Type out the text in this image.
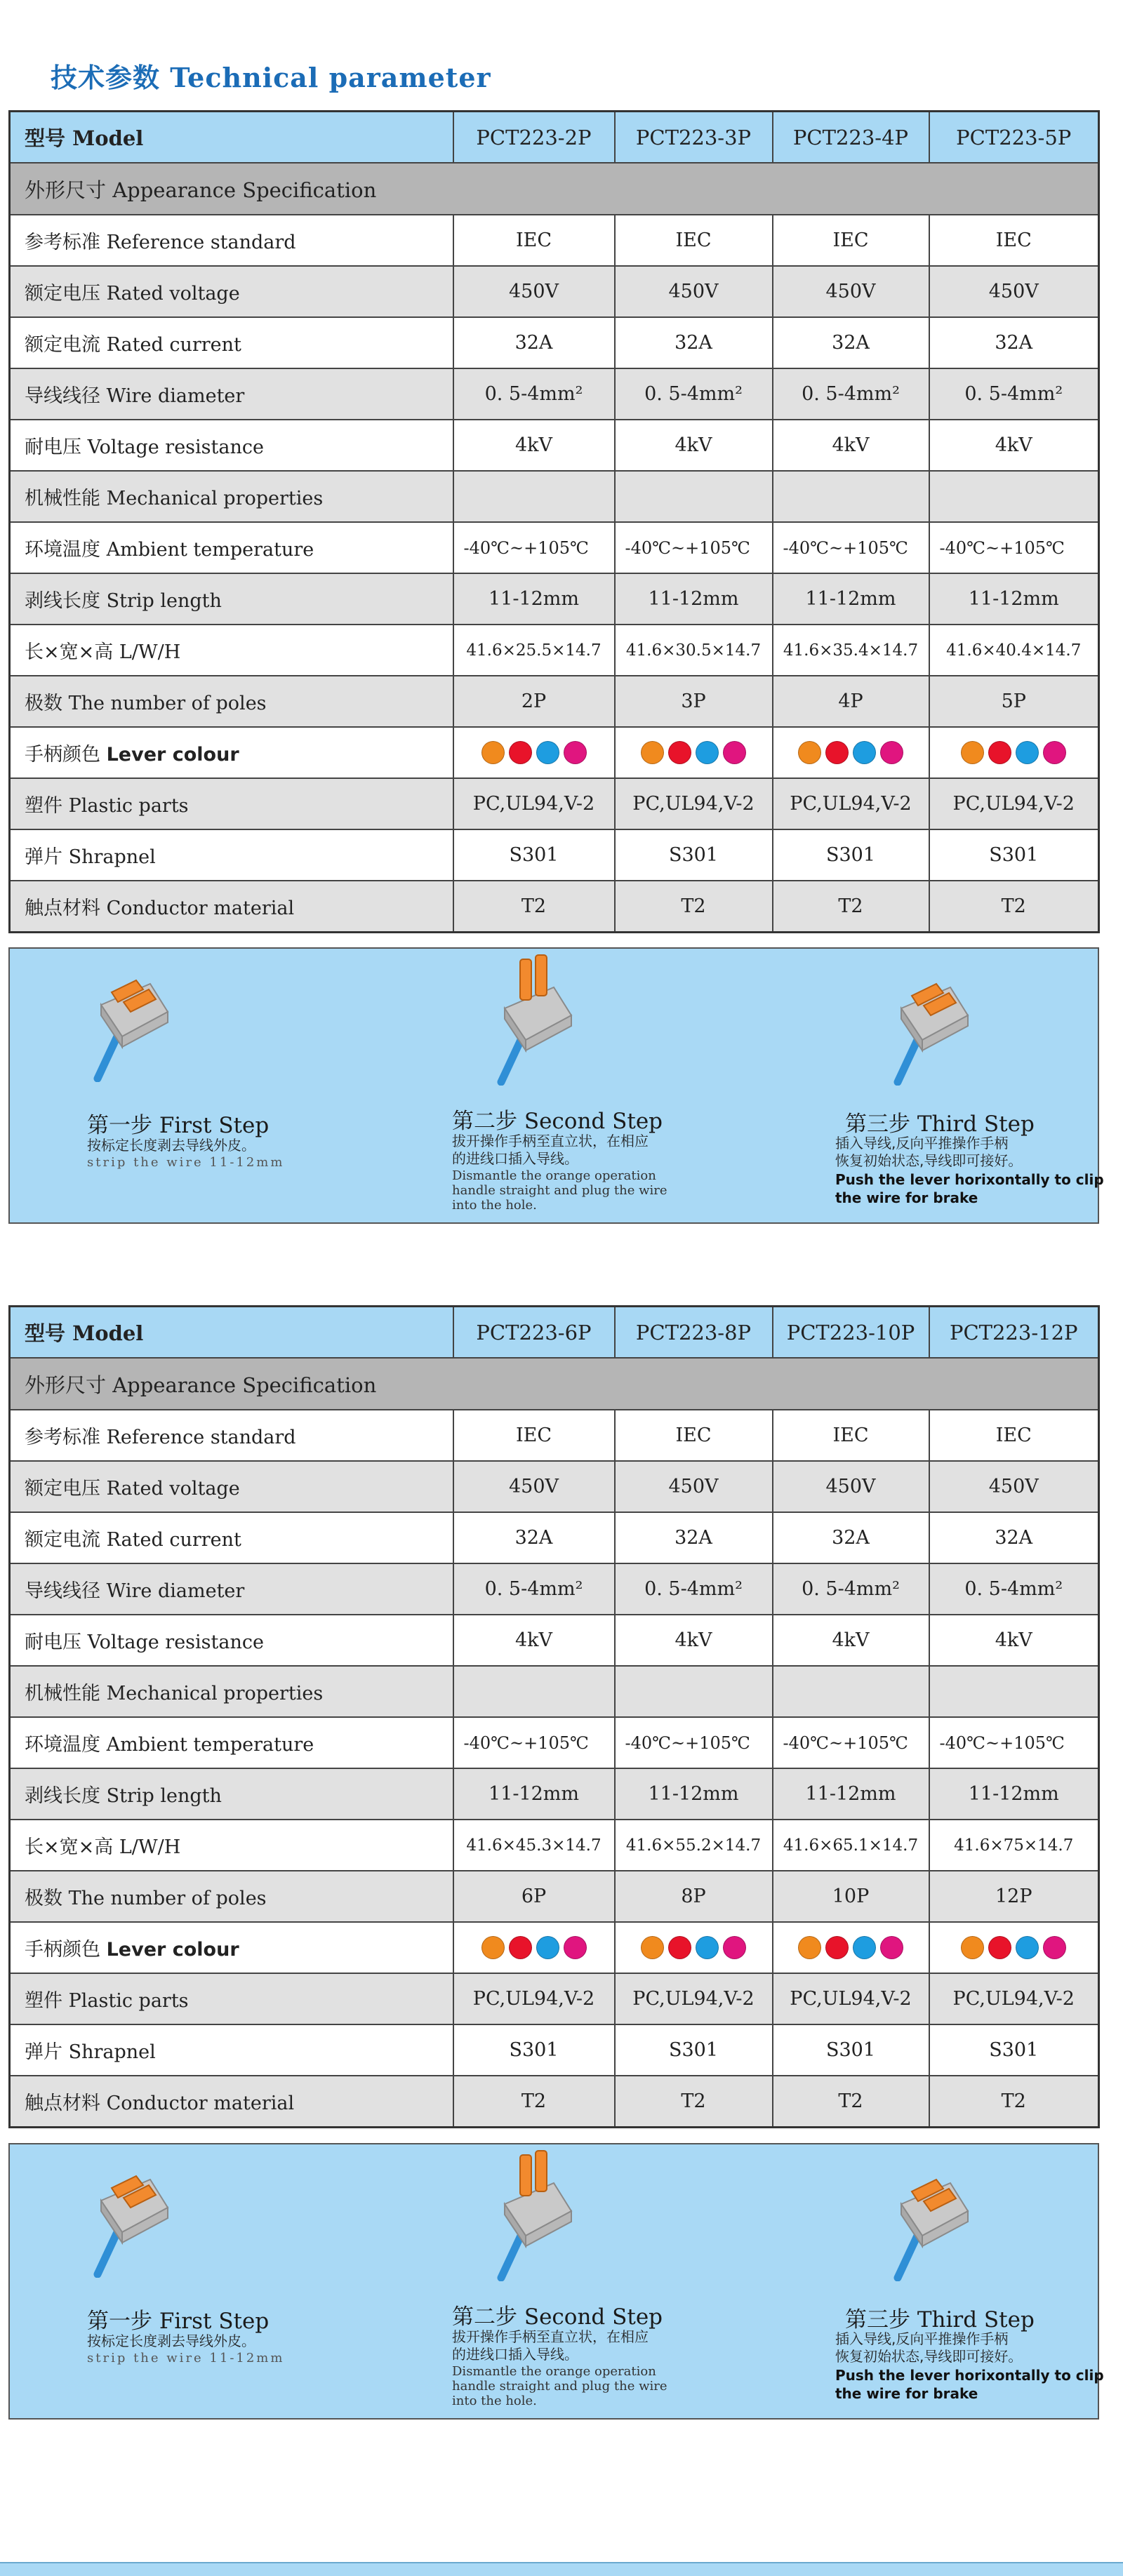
技术参数 Technical parameter
型号 Model	PCT223-2P	PCT223-3P	PCT223-4P	PCT223-5P
外形尺寸 Appearance Specification				
参考标准 Reference standard	IEC	IEC	IEC	IEC
额定电压 Rated voltage	450V	450V	450V	450V
额定电流 Rated current	32A	32A	32A	32A
导线线径 Wire diameter	0. 5-4mm²	0. 5-4mm²	0. 5-4mm²	0. 5-4mm²
耐电压 Voltage resistance	4kV	4kV	4kV	4kV
机械性能 Mechanical properties				
环境温度 Ambient temperature	-40℃~+105℃	-40℃~+105℃	-40℃~+105℃	-40℃~+105℃
剥线长度 Strip length	11-12mm	11-12mm	11-12mm	11-12mm
长×宽×高 L/W/H	41.6×25.5×14.7	41.6×30.5×14.7	41.6×35.4×14.7	41.6×40.4×14.7
极数 The number of poles	2P	3P	4P	5P
手柄颜色 Lever colour	

塑件 Plastic parts	PC,UL94,V-2	PC,UL94,V-2	PC,UL94,V-2	PC,UL94,V-2
弹片 Shrapnel	S301	S301	S301	S301
触点材料 Conductor material	T2	T2	T2	T2
第一步 First Step
按标定长度剥去导线外皮。
strip the wire 11-12mm
第二步 Second Step
拔开操作手柄至直立状，在相应
的进线口插入导线。
Dismantle the orange operation
handle straight and plug the wire
into the hole.
第三步 Third Step
插入导线,反向平推操作手柄
恢复初始状态,导线即可接好。
Push the lever horixontally to clip
the wire for brake
型号 Model	PCT223-6P	PCT223-8P	PCT223-10P	PCT223-12P
外形尺寸 Appearance Specification				
参考标准 Reference standard	IEC	IEC	IEC	IEC
额定电压 Rated voltage	450V	450V	450V	450V
额定电流 Rated current	32A	32A	32A	32A
导线线径 Wire diameter	0. 5-4mm²	0. 5-4mm²	0. 5-4mm²	0. 5-4mm²
耐电压 Voltage resistance	4kV	4kV	4kV	4kV
机械性能 Mechanical properties				
环境温度 Ambient temperature	-40℃~+105℃	-40℃~+105℃	-40℃~+105℃	-40℃~+105℃
剥线长度 Strip length	11-12mm	11-12mm	11-12mm	11-12mm
长×宽×高 L/W/H	41.6×45.3×14.7	41.6×55.2×14.7	41.6×65.1×14.7	41.6×75×14.7
极数 The number of poles	6P	8P	10P	12P
手柄颜色 Lever colour	

塑件 Plastic parts	PC,UL94,V-2	PC,UL94,V-2	PC,UL94,V-2	PC,UL94,V-2
弹片 Shrapnel	S301	S301	S301	S301
触点材料 Conductor material	T2	T2	T2	T2
第一步 First Step
按标定长度剥去导线外皮。
strip the wire 11-12mm
第二步 Second Step
拔开操作手柄至直立状，在相应
的进线口插入导线。
Dismantle the orange operation
handle straight and plug the wire
into the hole.
第三步 Third Step
插入导线,反向平推操作手柄
恢复初始状态,导线即可接好。
Push the lever horixontally to clip
the wire for brake
